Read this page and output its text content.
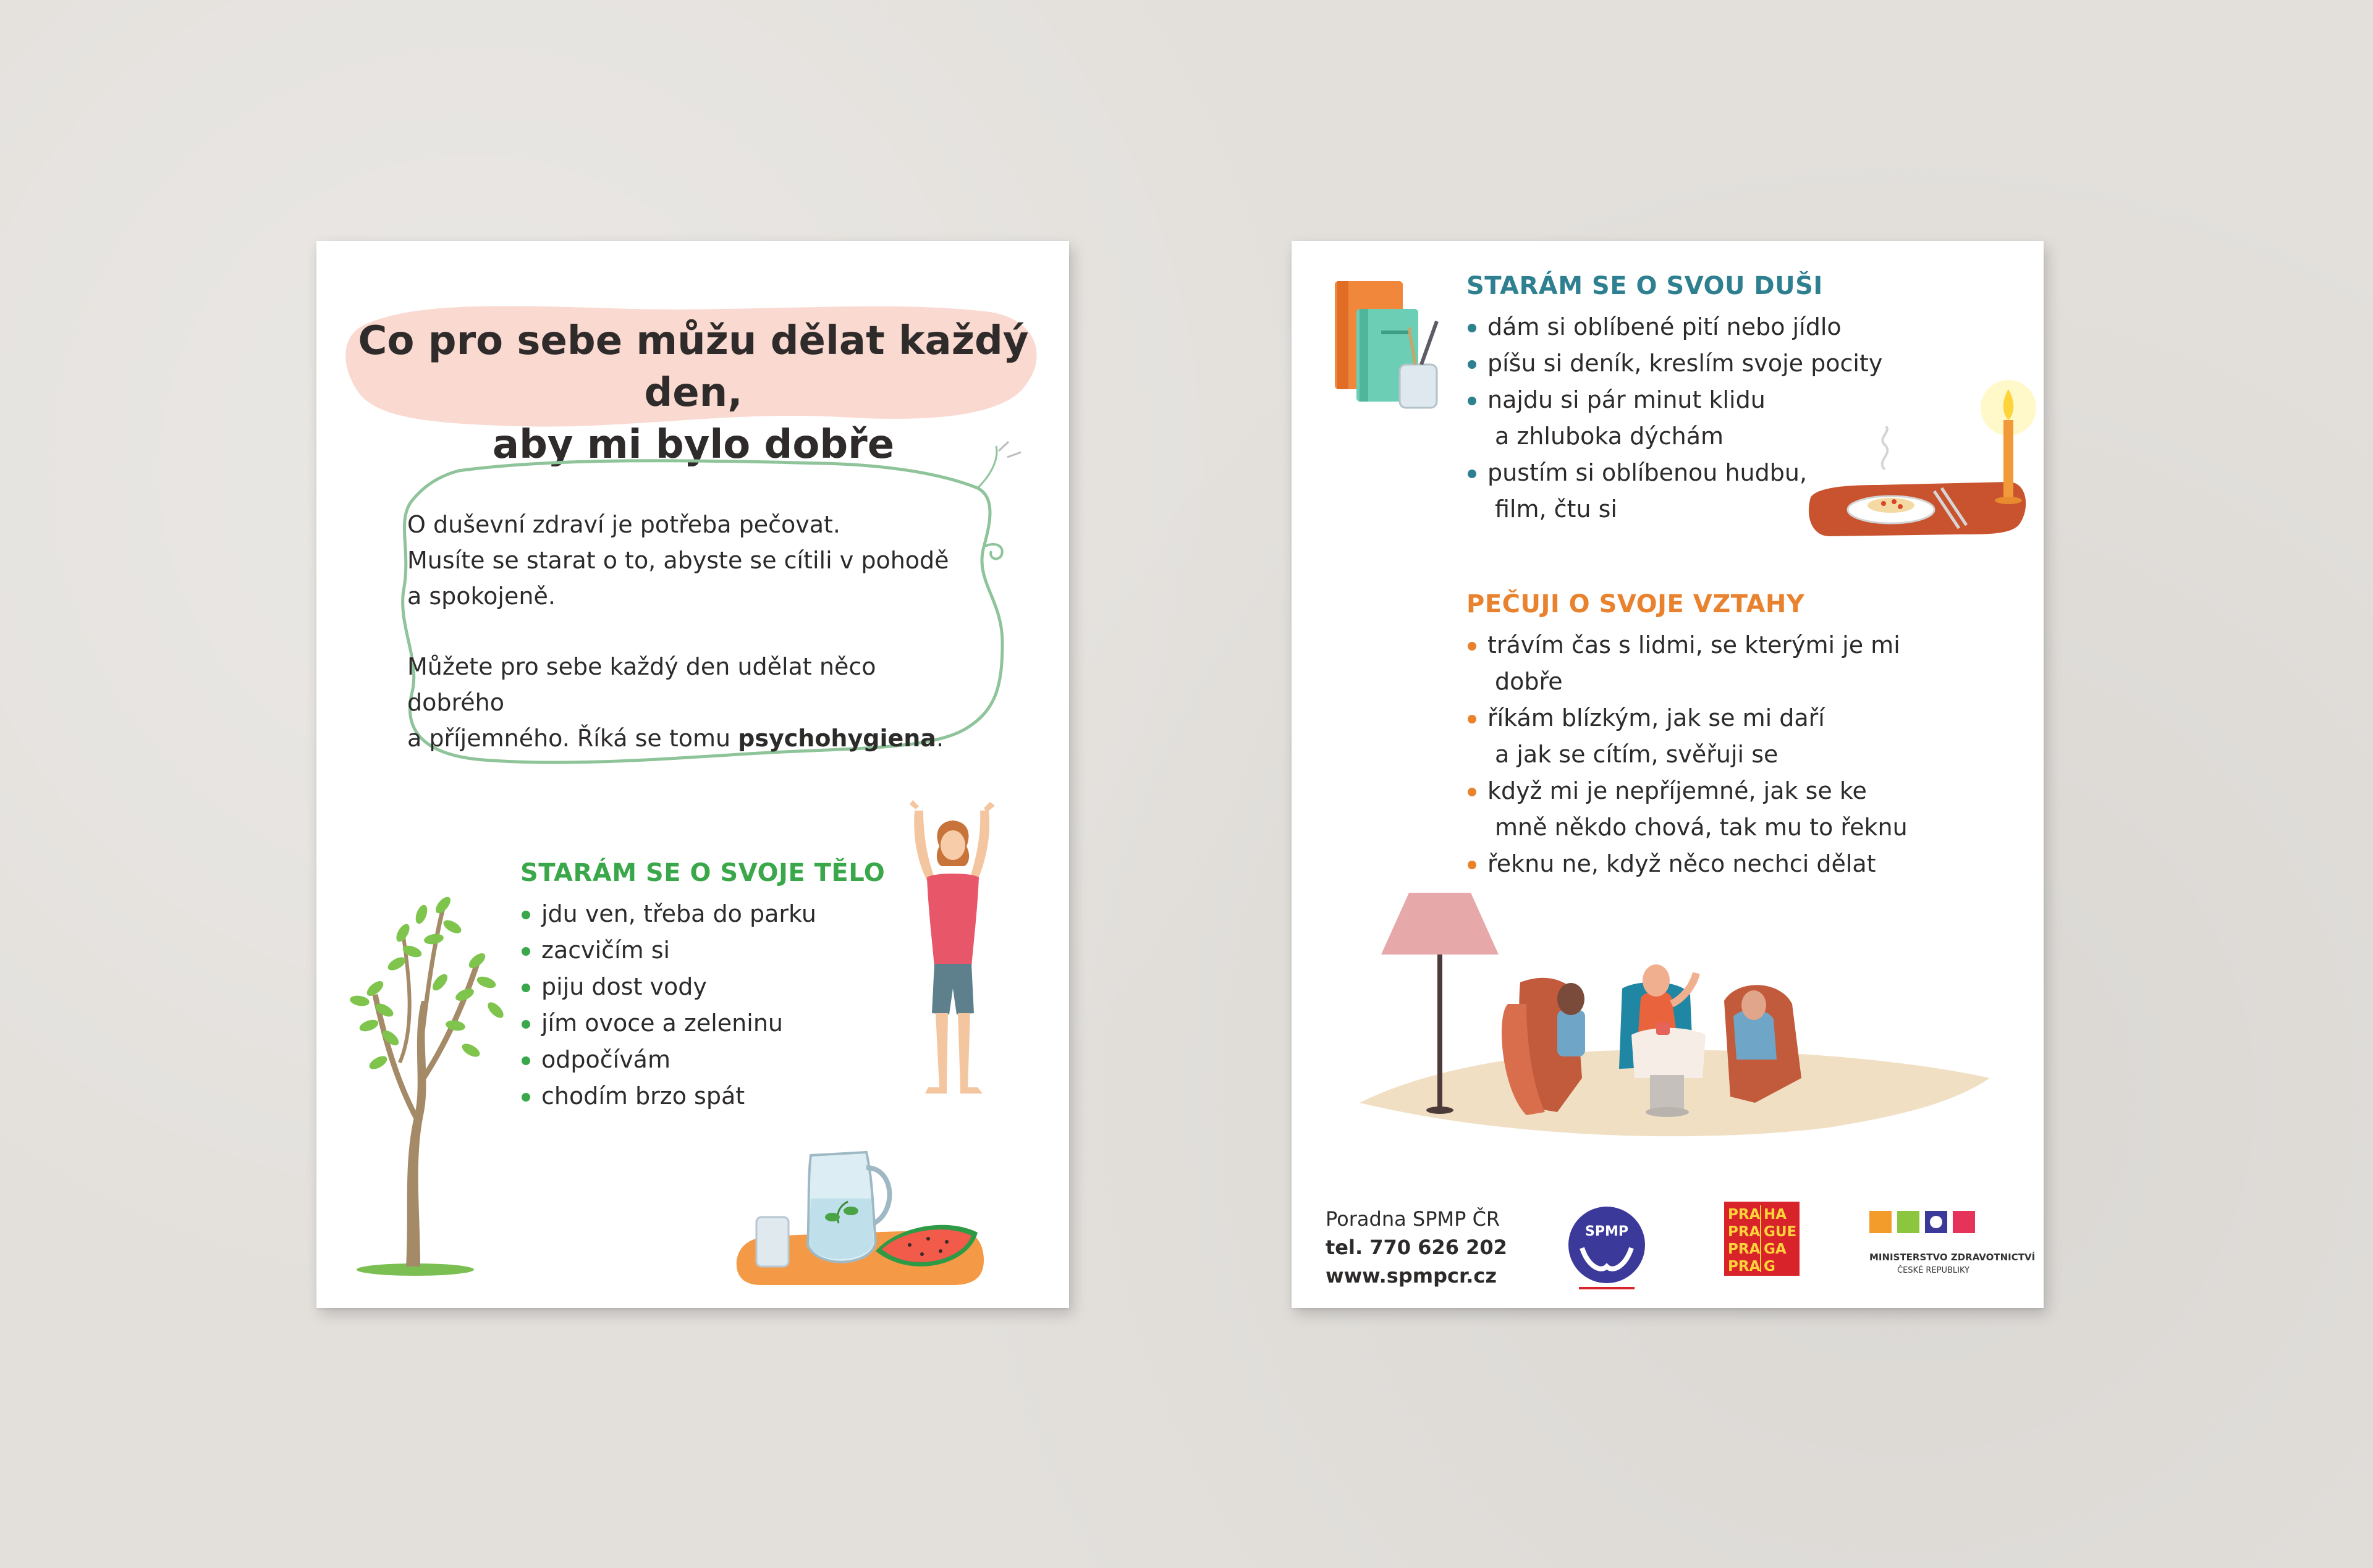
Co pro sebe můžu dělat každý den,
aby mi bylo dobře
O duševní zdraví je potřeba pečovat.
Musíte se starat o to, abyste se cítili v pohodě
a spokojeně.
Můžete pro sebe každý den udělat něco dobrého
a příjemného. Říká se tomu psychohygiena.
STARÁM SE O SVOJE TĚLO
jdu ven, třeba do parku
zacvičím si
piju dost vody
jím ovoce a zeleninu
odpočívám
chodím brzo spát
STARÁM SE O SVOU DUŠI
dám si oblíbené pití nebo jídlo
píšu si deník, kreslím svoje pocity
najdu si pár minut klidu
a zhluboka dýchám
pustím si oblíbenou hudbu,
film, čtu si
PEČUJI O SVOJE VZTAHY
trávím čas s lidmi, se kterými je mi
dobře
říkám blízkým, jak se mi daří
a jak se cítím, svěřuji se
když mi je nepříjemné, jak se ke
mně někdo chová, tak mu to řeknu
řeknu ne, když něco nechci dělat
Poradna SPMP ČR
tel. 770 626 202
www.spmpcr.cz
SPMP
PRA
PRA
PRA
PRA
HA
GUE
GA
G
MINISTERSTVO ZDRAVOTNICTVÍ
ČESKÉ REPUBLIKY
